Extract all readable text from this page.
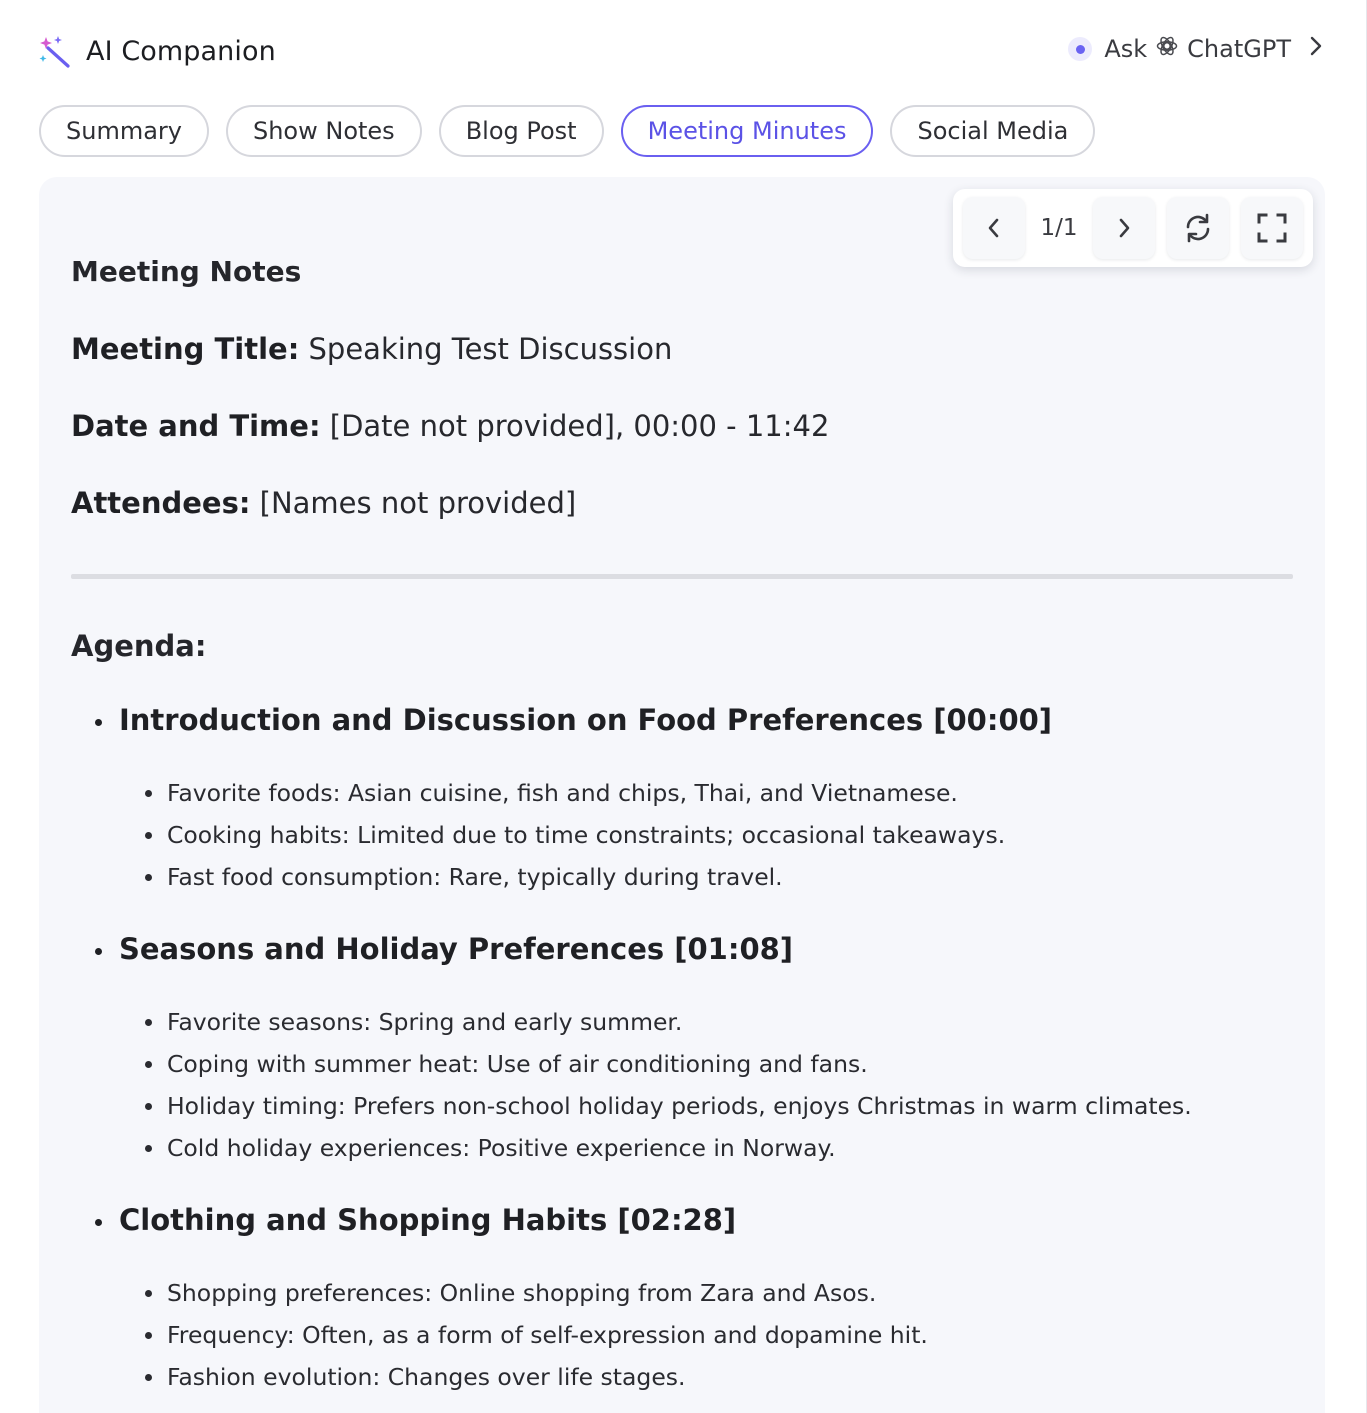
AI Companion	Ask ChatGPT
Summary	Show Notes	Blog Post	Meeting Minutes	Social Media
1/1
Meeting Notes
Meeting Title: Speaking Test Discussion
Date and Time: [Date not provided], 00:00 - 11:42
Attendees: [Names not provided]
Agenda:
Introduction and Discussion on Food Preferences [00:00]
Favorite foods: Asian cuisine, fish and chips, Thai, and Vietnamese.
Cooking habits: Limited due to time constraints; occasional takeaways.
Fast food consumption: Rare, typically during travel.
Seasons and Holiday Preferences [01:08]
Favorite seasons: Spring and early summer.
Coping with summer heat: Use of air conditioning and fans.
Holiday timing: Prefers non-school holiday periods, enjoys Christmas in warm climates.
Cold holiday experiences: Positive experience in Norway.
Clothing and Shopping Habits [02:28]
Shopping preferences: Online shopping from Zara and Asos.
Frequency: Often, as a form of self-expression and dopamine hit.
Fashion evolution: Changes over life stages.
